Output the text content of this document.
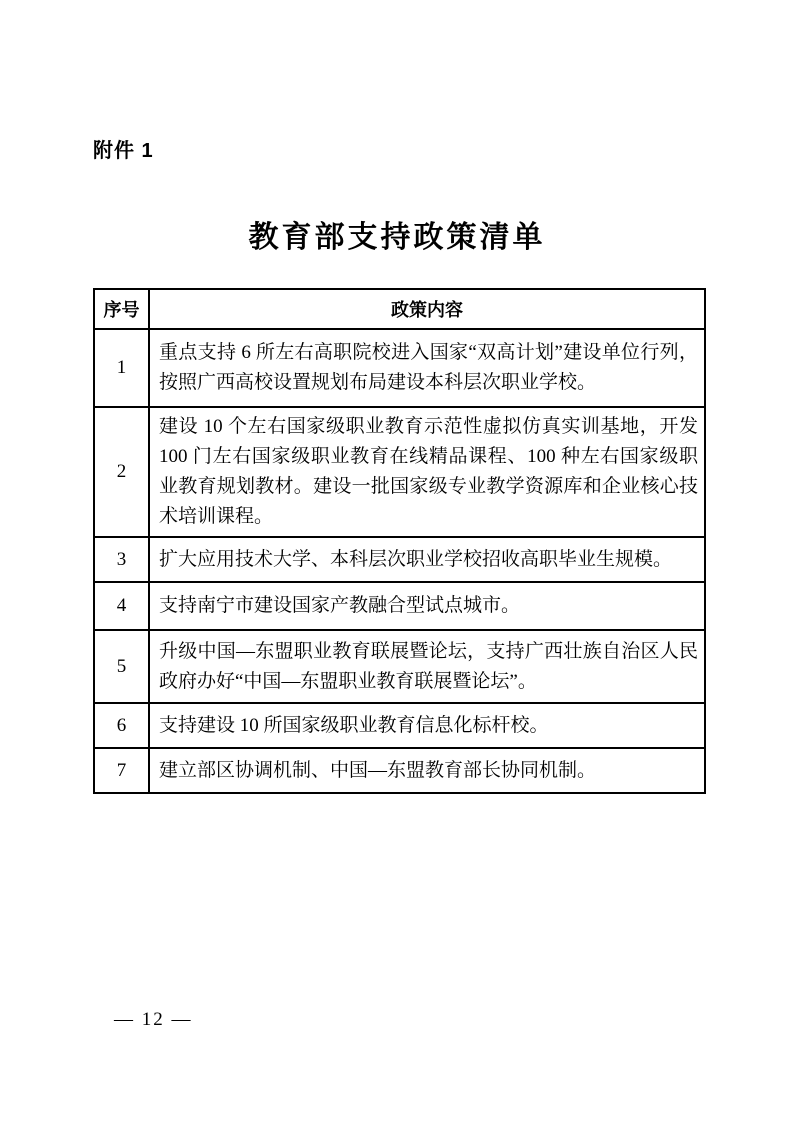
附件 1
教育部支持政策清单
序号	政策内容
1	重点支持 6 所左右高职院校进入国家“双高计划”建设单位行列，按照广西高校设置规划布局建设本科层次职业学校。
2	建设 10 个左右国家级职业教育示范性虚拟仿真实训基地，开发 100 门左右国家级职业教育在线精品课程、100 种左右国家级职业教育规划教材。建设一批国家级专业教学资源库和企业核心技术培训课程。
3	扩大应用技术大学、本科层次职业学校招收高职毕业生规模。
4	支持南宁市建设国家产教融合型试点城市。
5	升级中国—东盟职业教育联展暨论坛，支持广西壮族自治区人民政府办好“中国—东盟职业教育联展暨论坛”。
6	支持建设 10 所国家级职业教育信息化标杆校。
7	建立部区协调机制、中国—东盟教育部长协同机制。
— 12 —
